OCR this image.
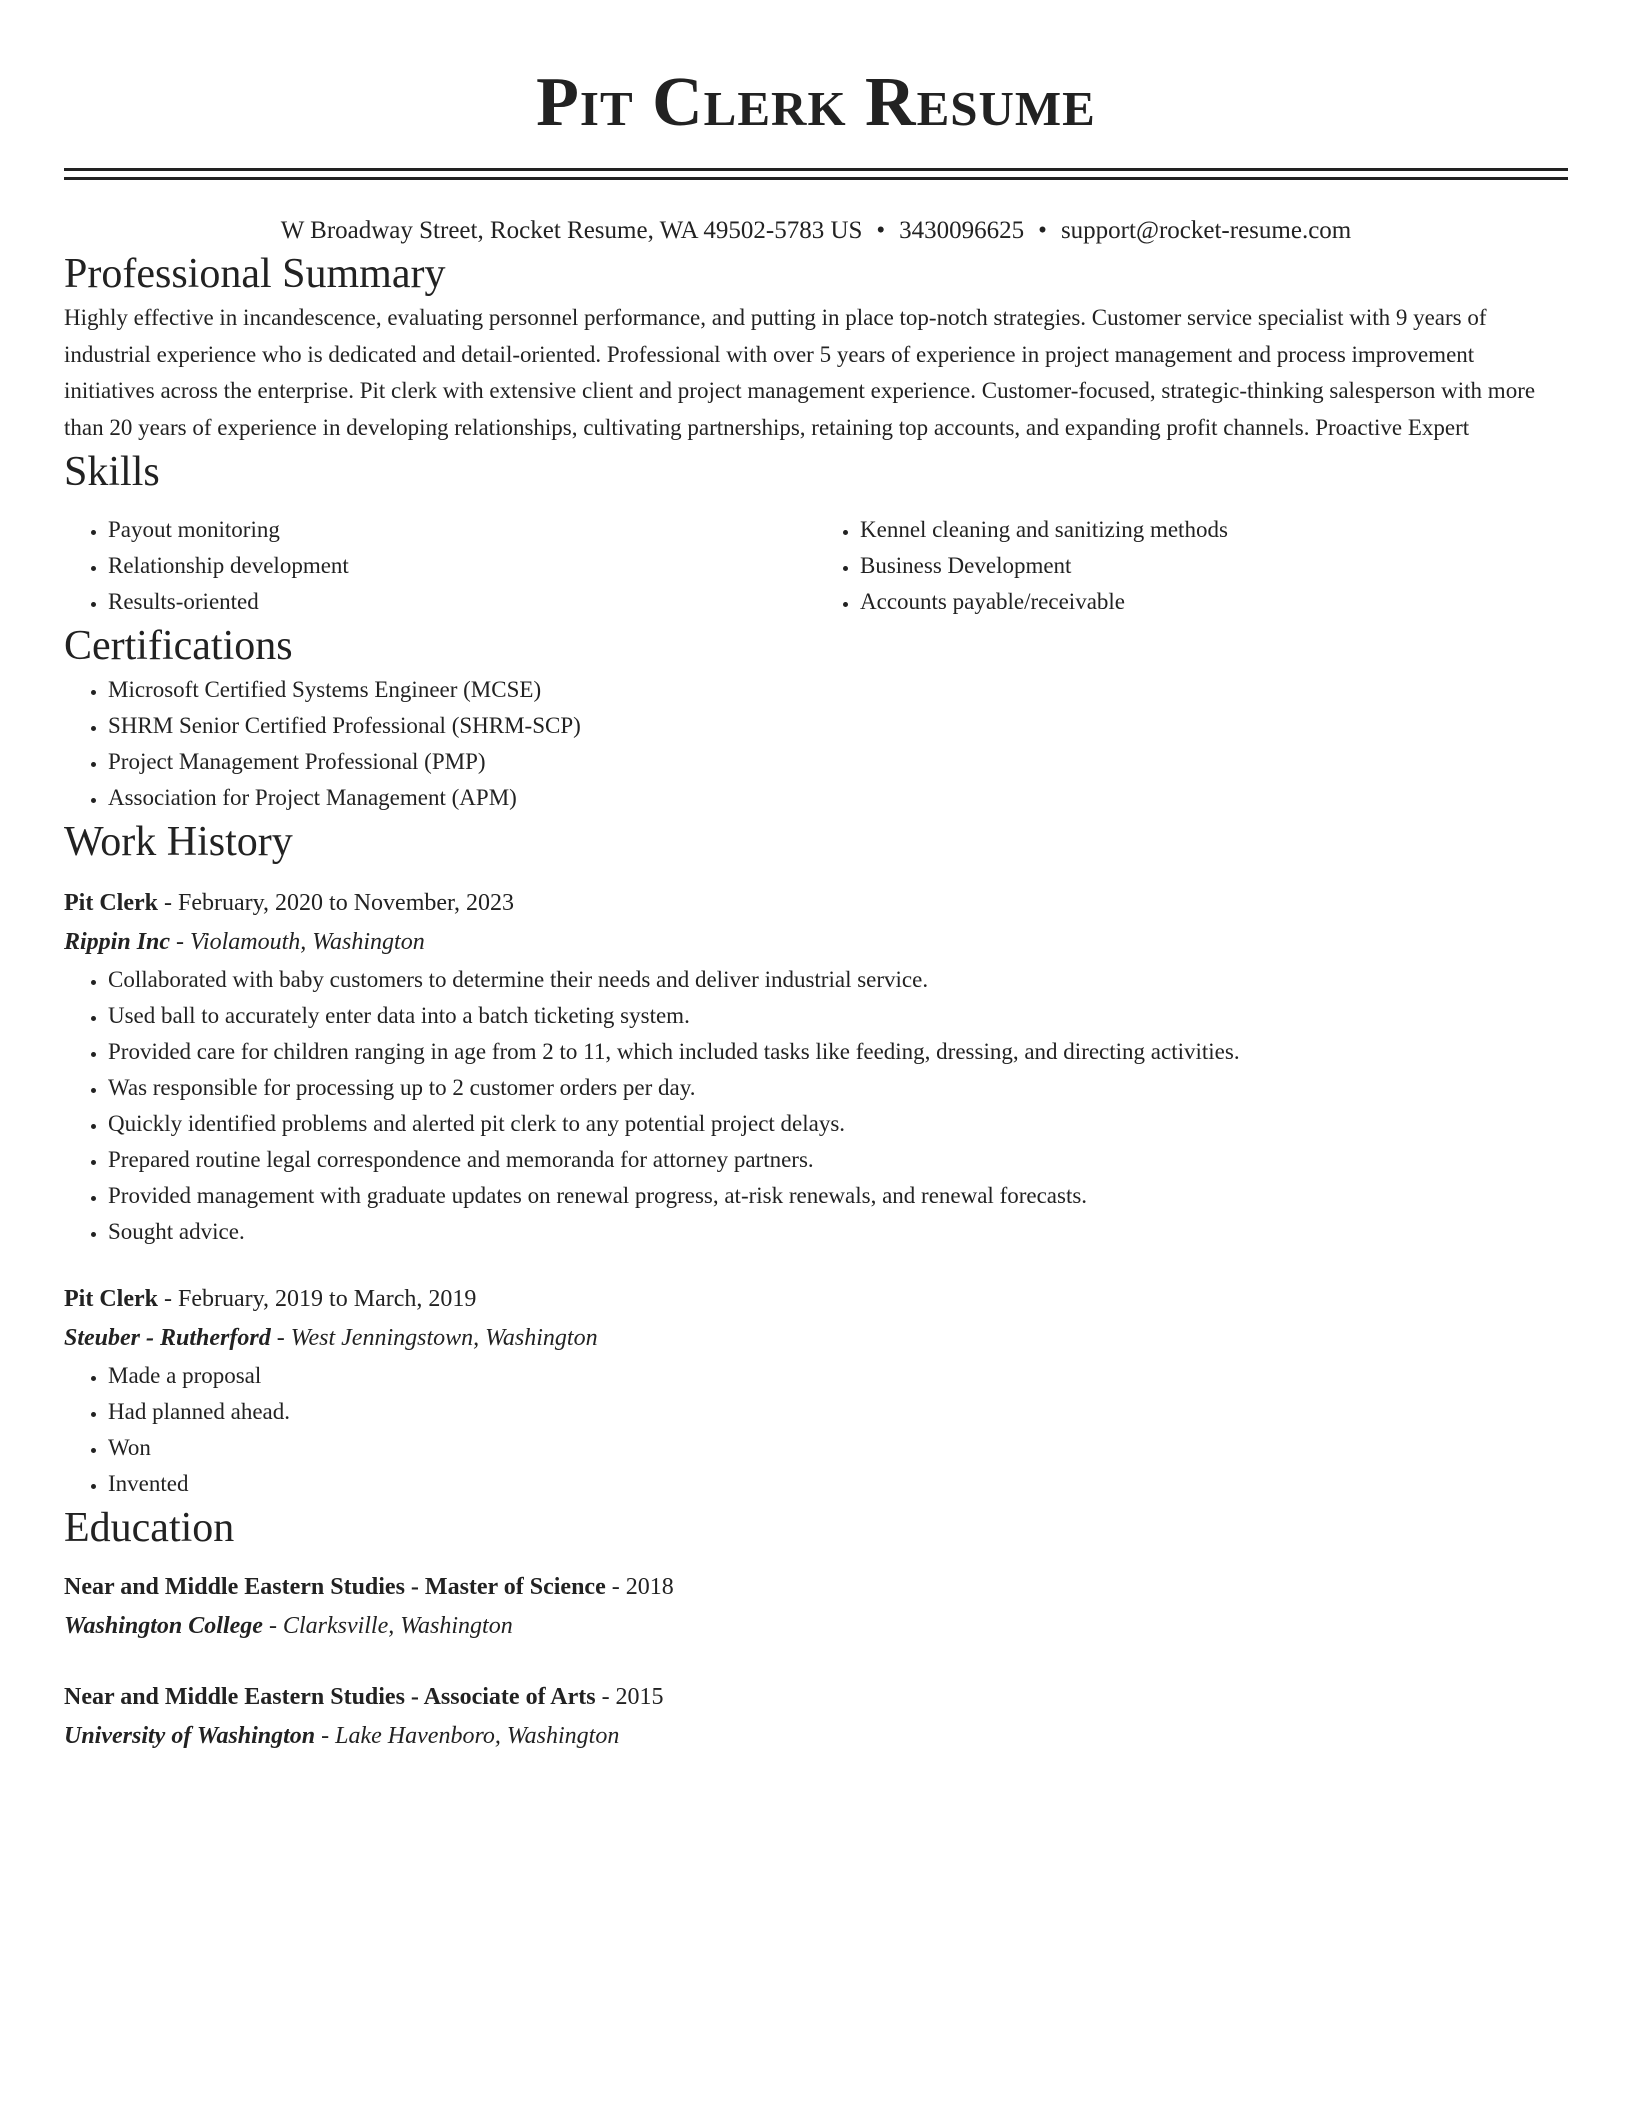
Pit Clerk Resume
W Broadway Street, Rocket Resume, WA 49502-5783 US • 3430096625 • support@rocket-resume.com
Professional Summary

Highly effective in incandescence, evaluating personnel performance, and putting in place top-notch strategies. Customer service specialist with 9 years of industrial experience who is dedicated and detail-oriented. Professional with over 5 years of experience in project management and process improvement initiatives across the enterprise. Pit clerk with extensive client and project management experience. Customer-focused, strategic-thinking salesperson with more than 20 years of experience in developing relationships, cultivating partnerships, retaining top accounts, and expanding profit channels. Proactive Expert

Skills
• Payout monitoring
• Relationship development
• Results-oriented
• Kennel cleaning and sanitizing methods
• Business Development
• Accounts payable/receivable
Certifications
• Microsoft Certified Systems Engineer (MCSE)
• SHRM Senior Certified Professional (SHRM-SCP)
• Project Management Professional (PMP)
• Association for Project Management (APM)
Work History
Pit Clerk - February, 2020 to November, 2023
Rippin Inc - Violamouth, Washington
• Collaborated with baby customers to determine their needs and deliver industrial service.
• Used ball to accurately enter data into a batch ticketing system.
• Provided care for children ranging in age from 2 to 11, which included tasks like feeding, dressing, and directing activities.
• Was responsible for processing up to 2 customer orders per day.
• Quickly identified problems and alerted pit clerk to any potential project delays.
• Prepared routine legal correspondence and memoranda for attorney partners.
• Provided management with graduate updates on renewal progress, at-risk renewals, and renewal forecasts.
• Sought advice.
Pit Clerk - February, 2019 to March, 2019
Steuber - Rutherford - West Jenningstown, Washington
• Made a proposal
• Had planned ahead.
• Won
• Invented
Education
Near and Middle Eastern Studies - Master of Science - 2018
Washington College - Clarksville, Washington
Near and Middle Eastern Studies - Associate of Arts - 2015
University of Washington - Lake Havenboro, Washington
